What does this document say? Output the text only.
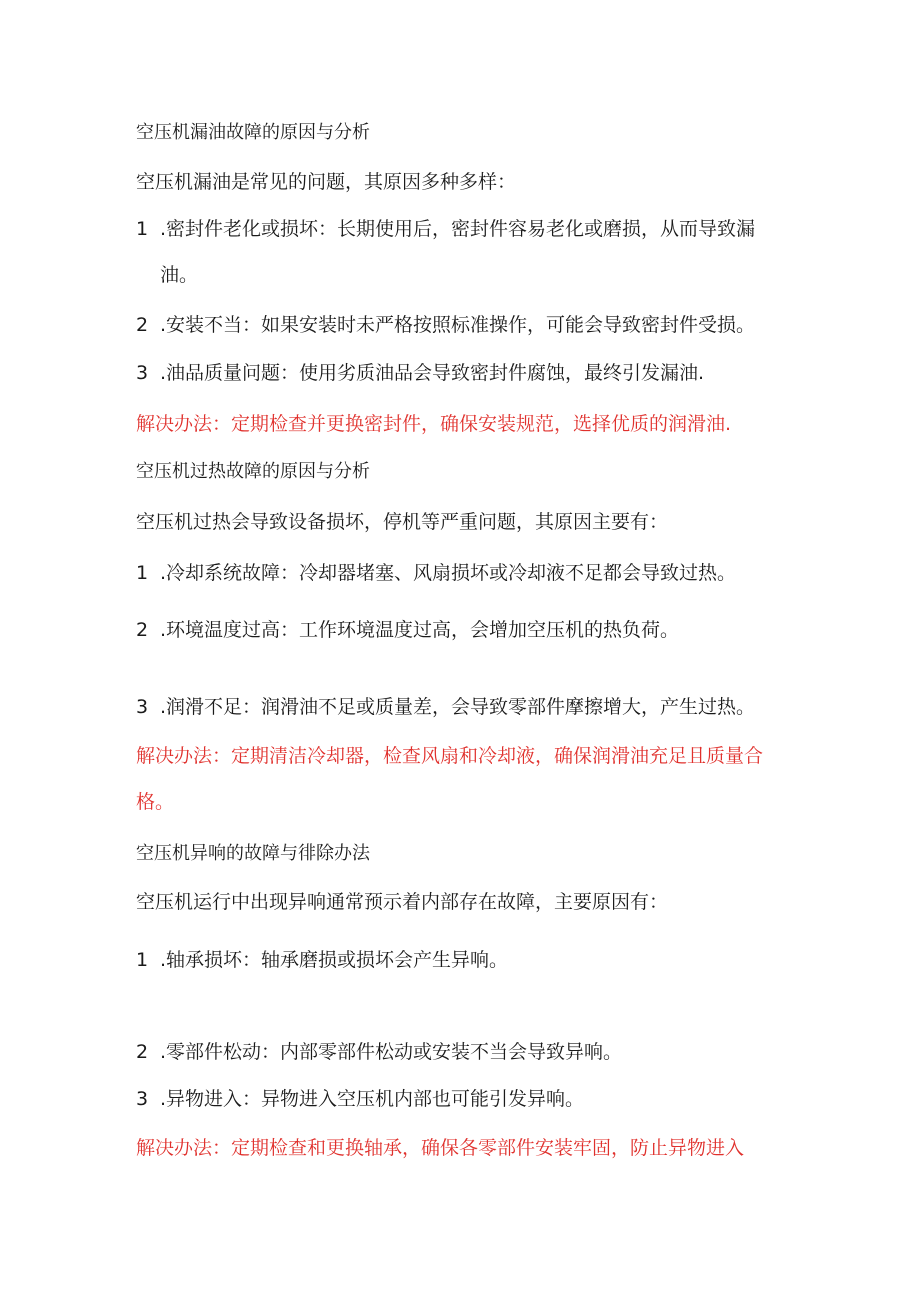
空压机漏油故障的原因与分析
空压机漏油是常见的问题，其原因多种多样：
1 .密封件老化或损坏：长期使用后，密封件容易老化或磨损，从而导致漏油。
2 .安装不当：如果安装时未严格按照标准操作，可能会导致密封件受损。
3 .油品质量问题：使用劣质油品会导致密封件腐蚀，最终引发漏油.
解决办法：定期检查并更换密封件，确保安装规范，选择优质的润滑油.
空压机过热故障的原因与分析
空压机过热会导致设备损坏，停机等严重问题，其原因主要有：
1 .冷却系统故障：冷却器堵塞、风扇损坏或冷却液不足都会导致过热。
2 .环境温度过高：工作环境温度过高，会增加空压机的热负荷。
3 .润滑不足：润滑油不足或质量差，会导致零部件摩擦增大，产生过热。
解决办法：定期清洁冷却器，检查风扇和冷却液，确保润滑油充足且质量合格。
空压机异响的故障与徘除办法
空压机运行中出现异响通常预示着内部存在故障，主要原因有：
1 .轴承损坏：轴承磨损或损坏会产生异响。
2 .零部件松动：内部零部件松动或安装不当会导致异响。
3 .异物进入：异物进入空压机内部也可能引发异响。
解决办法：定期检查和更换轴承，确保各零部件安装牢固，防止异物进入
